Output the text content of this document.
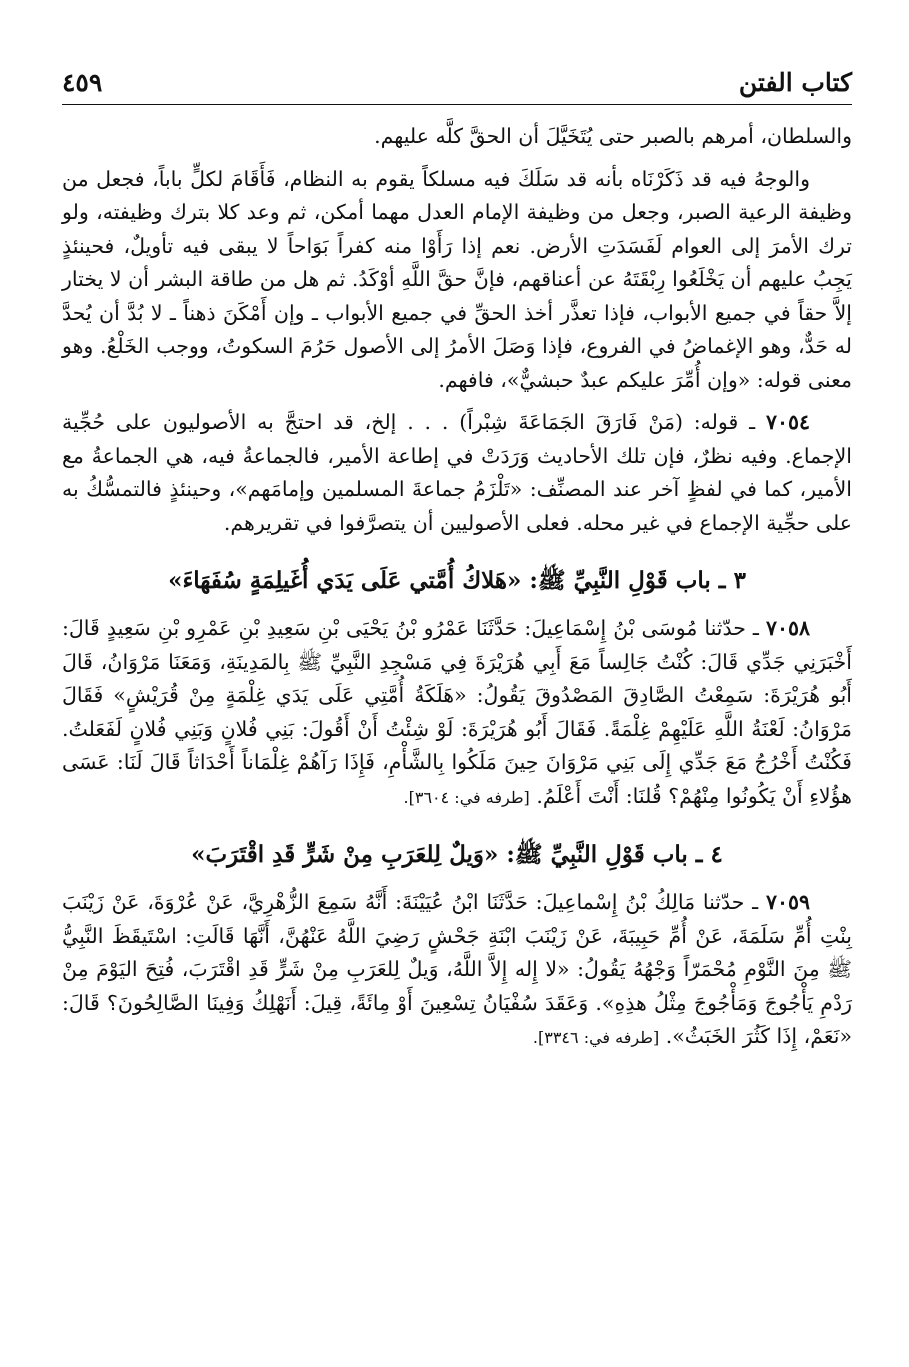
كتاب الفتن
٤٥٩

والسلطان، أمرهم بالصبر حتى يُتَخَيَّلَ أن الحقَّ كلَّه عليهم.

والوجهُ فيه قد ذَكَرْنَاه بأنه قد سَلَكَ فيه مسلكاً يقوم به النظام، فَأَقَامَ لكلٍّ باباً، فجعل من وظيفة الرعية الصبر، وجعل من وظيفة الإمام العدل مهما أمكن، ثم وعد كلا بترك وظيفته، ولو ترك الأمرَ إلى العوام لَفَسَدَتِ الأرض. نعم إذا رَأَوْا منه كفراً بَوَاحاً لا يبقى فيه تأويلٌ، فحينئذٍ يَجِبُ عليهم أن يَخْلَعُوا رِبْقَتَهُ عن أعناقهم، فإنَّ حقَّ اللَّهِ أوْكَدُ. ثم هل من طاقة البشر أن لا يختار إلاَّ حقاً في جميع الأبواب، فإذا تعذَّر أخذ الحقِّ في جميع الأبواب ـ وإن أَمْكَنَ ذهناً ـ لا بُدَّ أن يُحدَّ له حَدٌّ، وهو الإغماضُ في الفروع، فإذا وَصَلَ الأمرُ إلى الأصول حَرُمَ السكوتُ، ووجب الخَلْعُ. وهو معنى قوله: «وإن أُمِّرَ عليكم عبدٌ حبشيٌّ»، فافهم.

٧٠٥٤ ـ قوله: (مَنْ فَارَقَ الجَمَاعَةَ شِبْراً) . . . إلخ، قد احتجَّ به الأصوليون على حُجِّية الإجماع. وفيه نظرٌ، فإن تلك الأحاديث وَرَدَتْ في إطاعة الأمير، فالجماعةُ فيه، هي الجماعةُ مع الأمير، كما في لفظٍ آخر عند المصنِّف: «تَلْزَمُ جماعةَ المسلمين وإمامَهم»، وحينئذٍ فالتمسُّكُ به على حجِّية الإجماع في غير محله. فعلى الأصوليين أن يتصرَّفوا في تقريرهم.

٣ ـ باب قَوْلِ النَّبِيِّ ﷺ: «هَلاكُ أُمَّتي عَلَى يَدَي أُغَيلِمَةٍ سُفَهَاءَ»

٧٠٥٨ ـ حدّثنا مُوسَى بْنُ إِسْمَاعِيلَ: حَدَّثَنَا عَمْرُو بْنُ يَحْيَى بْنِ سَعِيدِ بْنِ عَمْرِو بْنِ سَعِيدٍ قَالَ: أَخْبَرَنِي جَدِّي قَالَ: كُنْتُ جَالِساً مَعَ أَبِي هُرَيْرَةَ فِي مَسْجِدِ النَّبِيِّ ﷺ بِالمَدِينَةِ، وَمَعَنَا مَرْوَانُ، قَالَ أَبُو هُرَيْرَةَ: سَمِعْتُ الصَّادِقَ المَصْدُوقَ يَقُولُ: «هَلَكَةُ أُمَّتِي عَلَى يَدَي غِلْمَةٍ مِنْ قُرَيْشٍ» فَقَالَ مَرْوَانُ: لَعْنَةُ اللَّهِ عَلَيْهِمْ غِلْمَةً. فَقَالَ أَبُو هُرَيْرَةَ: لَوْ شِئْتُ أَنْ أَقُولَ: بَنِي فُلانٍ وَبَنِي فُلانٍ لَفَعَلتُ. فَكُنْتُ أَخْرُجُ مَعَ جَدِّي إِلَى بَنِي مَرْوَانَ حِينَ مَلَكُوا بِالشَّأْمِ، فَإِذَا رَآهُمْ غِلْمَاناً أَحْدَاثاً قَالَ لَنَا: عَسَى هؤُلاءِ أَنْ يَكُونُوا مِنْهُمْ؟ قُلنَا: أَنْتَ أَعْلَمُ. [طرفه في: ٣٦٠٤].

٤ ـ باب قَوْلِ النَّبِيِّ ﷺ: «وَيلٌ لِلعَرَبِ مِنْ شَرٍّ قَدِ اقْتَرَبَ»

٧٠٥٩ ـ حدّثنا مَالِكُ بْنُ إِسْماعِيلَ: حَدَّثَنَا ابْنُ عُيَيْنَةَ: أَنَّهُ سَمِعَ الزُّهْرِيَّ، عَنْ عُرْوَةَ، عَنْ زَيْنَبَ بِنْتِ أُمِّ سَلَمَةَ، عَنْ أُمِّ حَبِيبَةَ، عَنْ زَيْنَبَ ابْنَةِ جَحْشٍ رَضِيَ اللَّهُ عَنْهُنَّ، أَنَّهَا قَالَتِ: اسْتَيقَظَ النَّبِيُّ ﷺ مِنَ النَّوْمِ مُحْمَرّاً وَجْهُهُ يَقُولُ: «لا إِله إِلاَّ اللَّهُ، وَيلٌ لِلعَرَبِ مِنْ شَرٍّ قَدِ اقْتَرَبَ، فُتِحَ اليَوْمَ مِنْ رَدْمِ يَأْجُوجَ وَمَأْجُوجَ مِثْلُ هذِهِ». وَعَقَدَ سُفْيَانُ تِسْعِينَ أَوْ مِائَةً، قِيلَ: أَنَهْلِكُ وَفِينَا الصَّالِحُونَ؟ قَالَ: «نَعَمْ، إِذَا كَثُرَ الخَبَثُ». [طرفه في: ٣٣٤٦].
